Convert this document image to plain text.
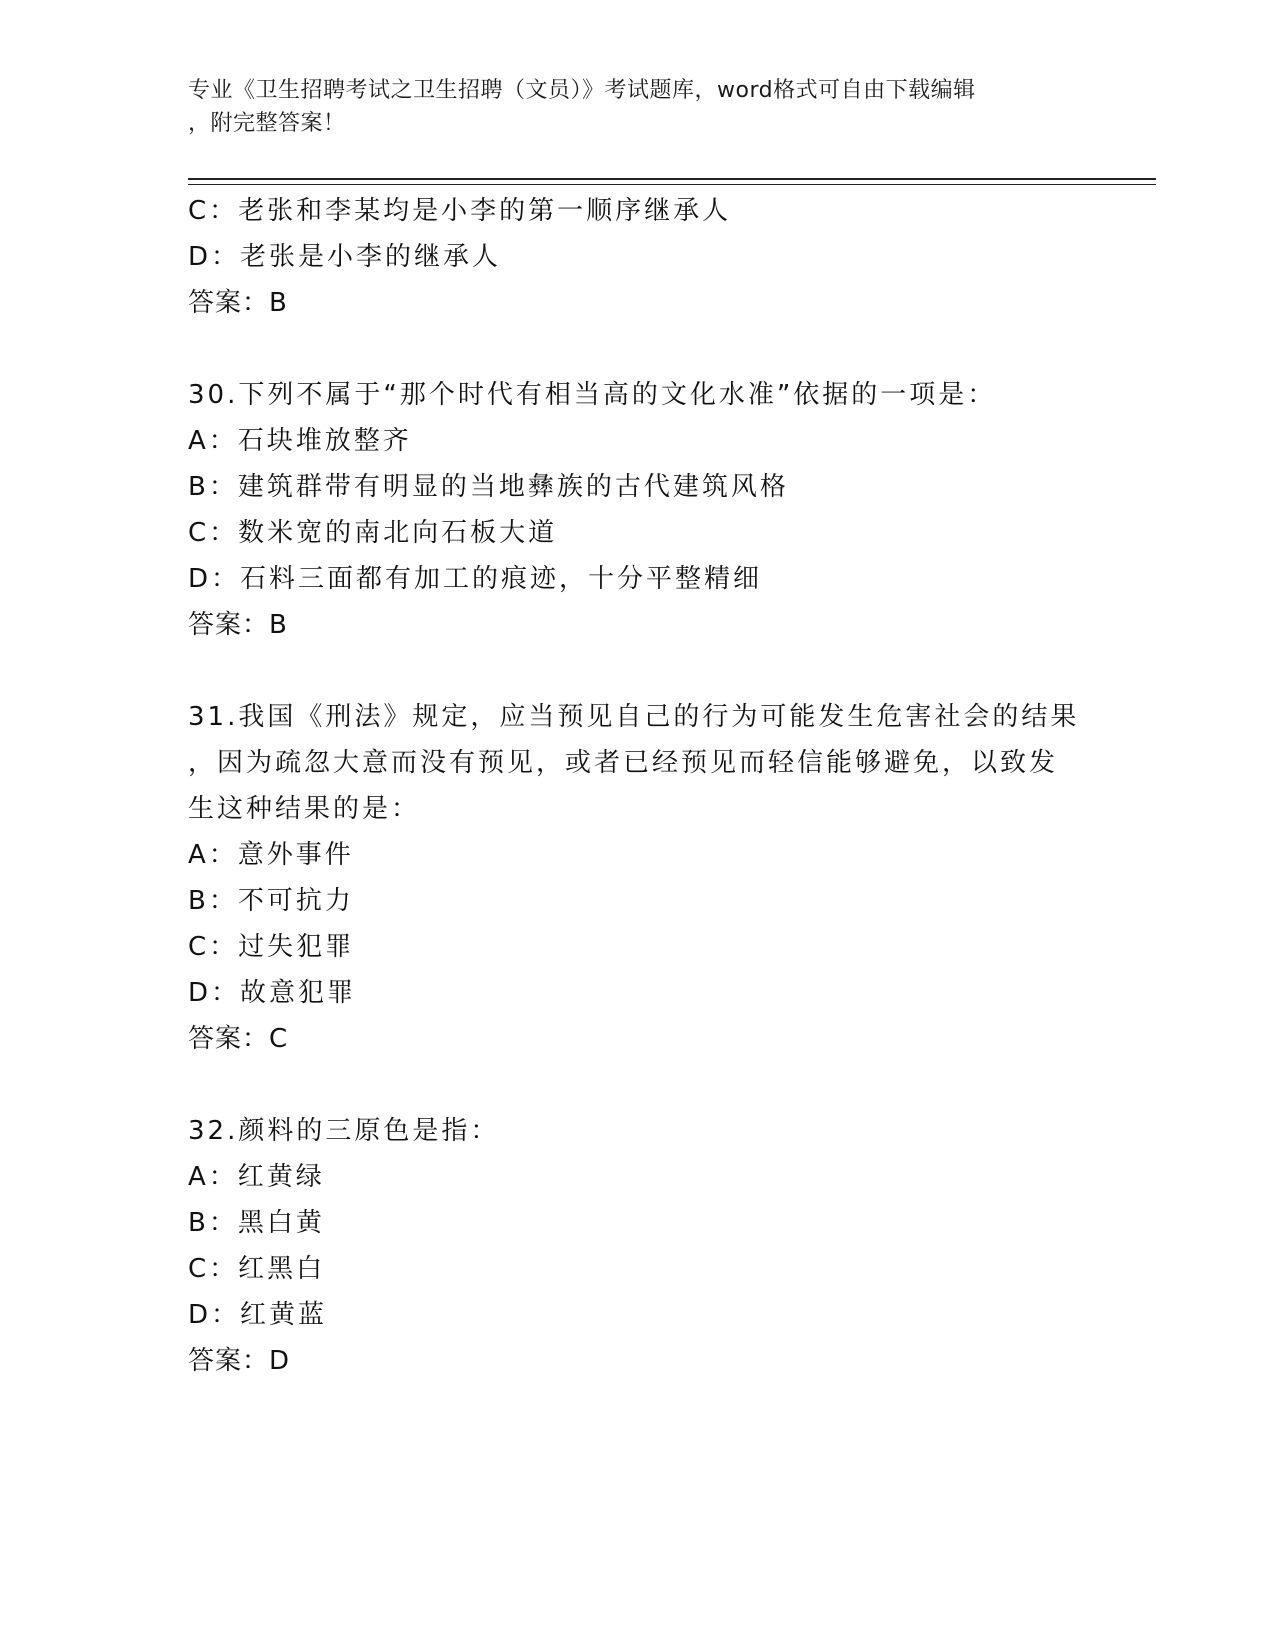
专业《卫生招聘考试之卫生招聘（文员）》考试题库，word格式可自由下载编辑

，附完整答案！

C：老张和李某均是小李的第一顺序继承人
D：老张是小李的继承人
答案：B
30.下列不属于“那个时代有相当高的文化水准”依据的一项是：
A：石块堆放整齐
B：建筑群带有明显的当地彝族的古代建筑风格
C：数米宽的南北向石板大道
D：石料三面都有加工的痕迹，十分平整精细
答案：B
31.我国《刑法》规定，应当预见自己的行为可能发生危害社会的结果
，因为疏忽大意而没有预见，或者已经预见而轻信能够避免，以致发
生这种结果的是：
A：意外事件
B：不可抗力
C：过失犯罪
D：故意犯罪
答案：C
32.颜料的三原色是指：
A：红黄绿
B：黑白黄
C：红黑白
D：红黄蓝
答案：D
